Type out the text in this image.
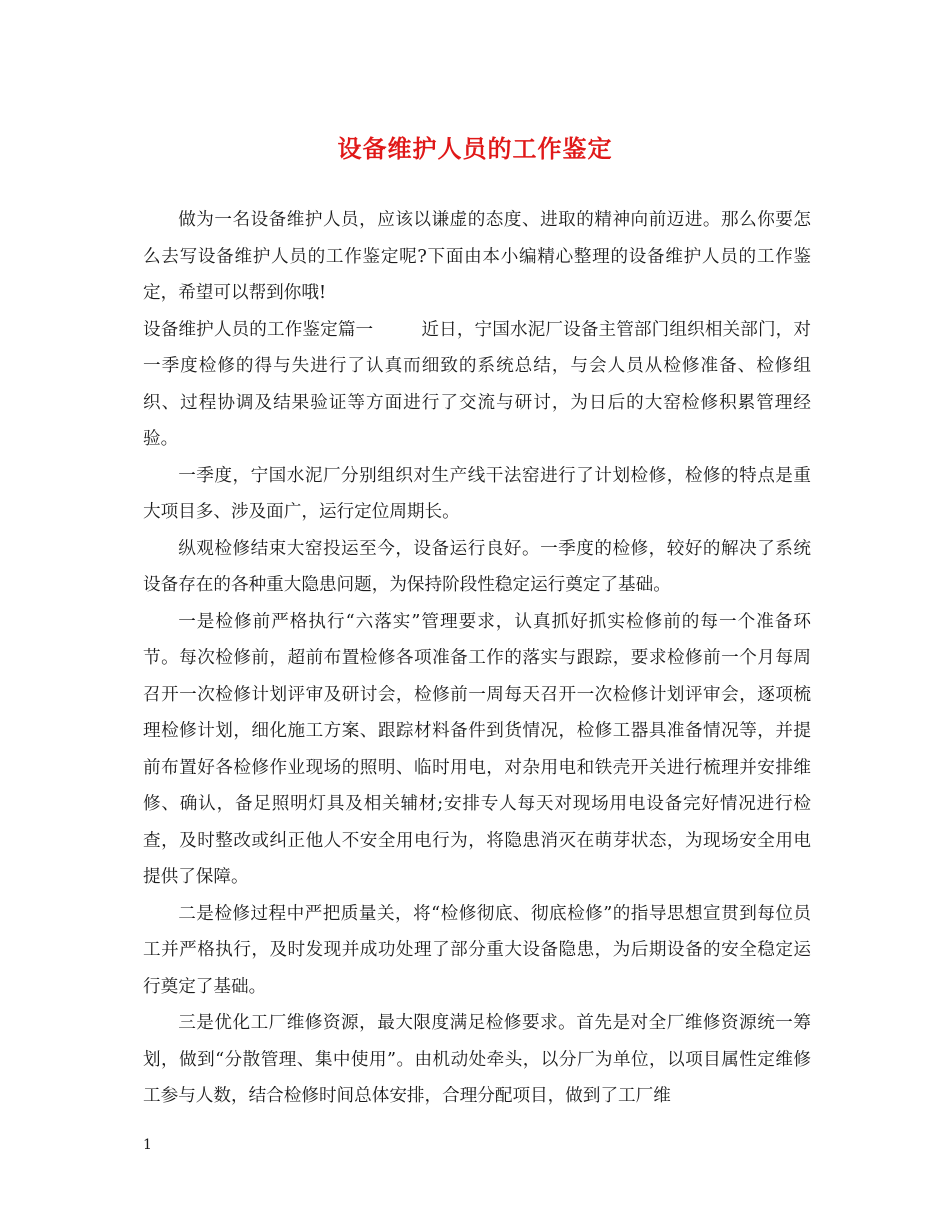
设备维护人员的工作鉴定

做为一名设备维护人员，应该以谦虚的态度、进取的精神向前迈进。那么你要怎么去写设备维护人员的工作鉴定呢?下面由本小编精心整理的设备维护人员的工作鉴定，希望可以帮到你哦!

设备维护人员的工作鉴定篇一	近日，宁国水泥厂设备主管部门组织相关部门，对一季度检修的得与失进行了认真而细致的系统总结，与会人员从检修准备、检修组织、过程协调及结果验证等方面进行了交流与研讨，为日后的大窑检修积累管理经验。

一季度，宁国水泥厂分别组织对生产线干法窑进行了计划检修，检修的特点是重大项目多、涉及面广，运行定位周期长。

纵观检修结束大窑投运至今，设备运行良好。一季度的检修，较好的解决了系统设备存在的各种重大隐患问题，为保持阶段性稳定运行奠定了基础。

一是检修前严格执行“六落实”管理要求，认真抓好抓实检修前的每一个准备环节。每次检修前，超前布置检修各项准备工作的落实与跟踪，要求检修前一个月每周召开一次检修计划评审及研讨会，检修前一周每天召开一次检修计划评审会，逐项梳理检修计划，细化施工方案、跟踪材料备件到货情况，检修工器具准备情况等，并提前布置好各检修作业现场的照明、临时用电，对杂用电和铁壳开关进行梳理并安排维修、确认，备足照明灯具及相关辅材;安排专人每天对现场用电设备完好情况进行检查，及时整改或纠正他人不安全用电行为，将隐患消灭在萌芽状态，为现场安全用电提供了保障。

二是检修过程中严把质量关，将“检修彻底、彻底检修”的指导思想宣贯到每位员工并严格执行，及时发现并成功处理了部分重大设备隐患，为后期设备的安全稳定运行奠定了基础。

三是优化工厂维修资源，最大限度满足检修要求。首先是对全厂维修资源统一筹划，做到“分散管理、集中使用”。由机动处牵头，以分厂为单位，以项目属性定维修工参与人数，结合检修时间总体安排，合理分配项目，做到了工厂维

1
